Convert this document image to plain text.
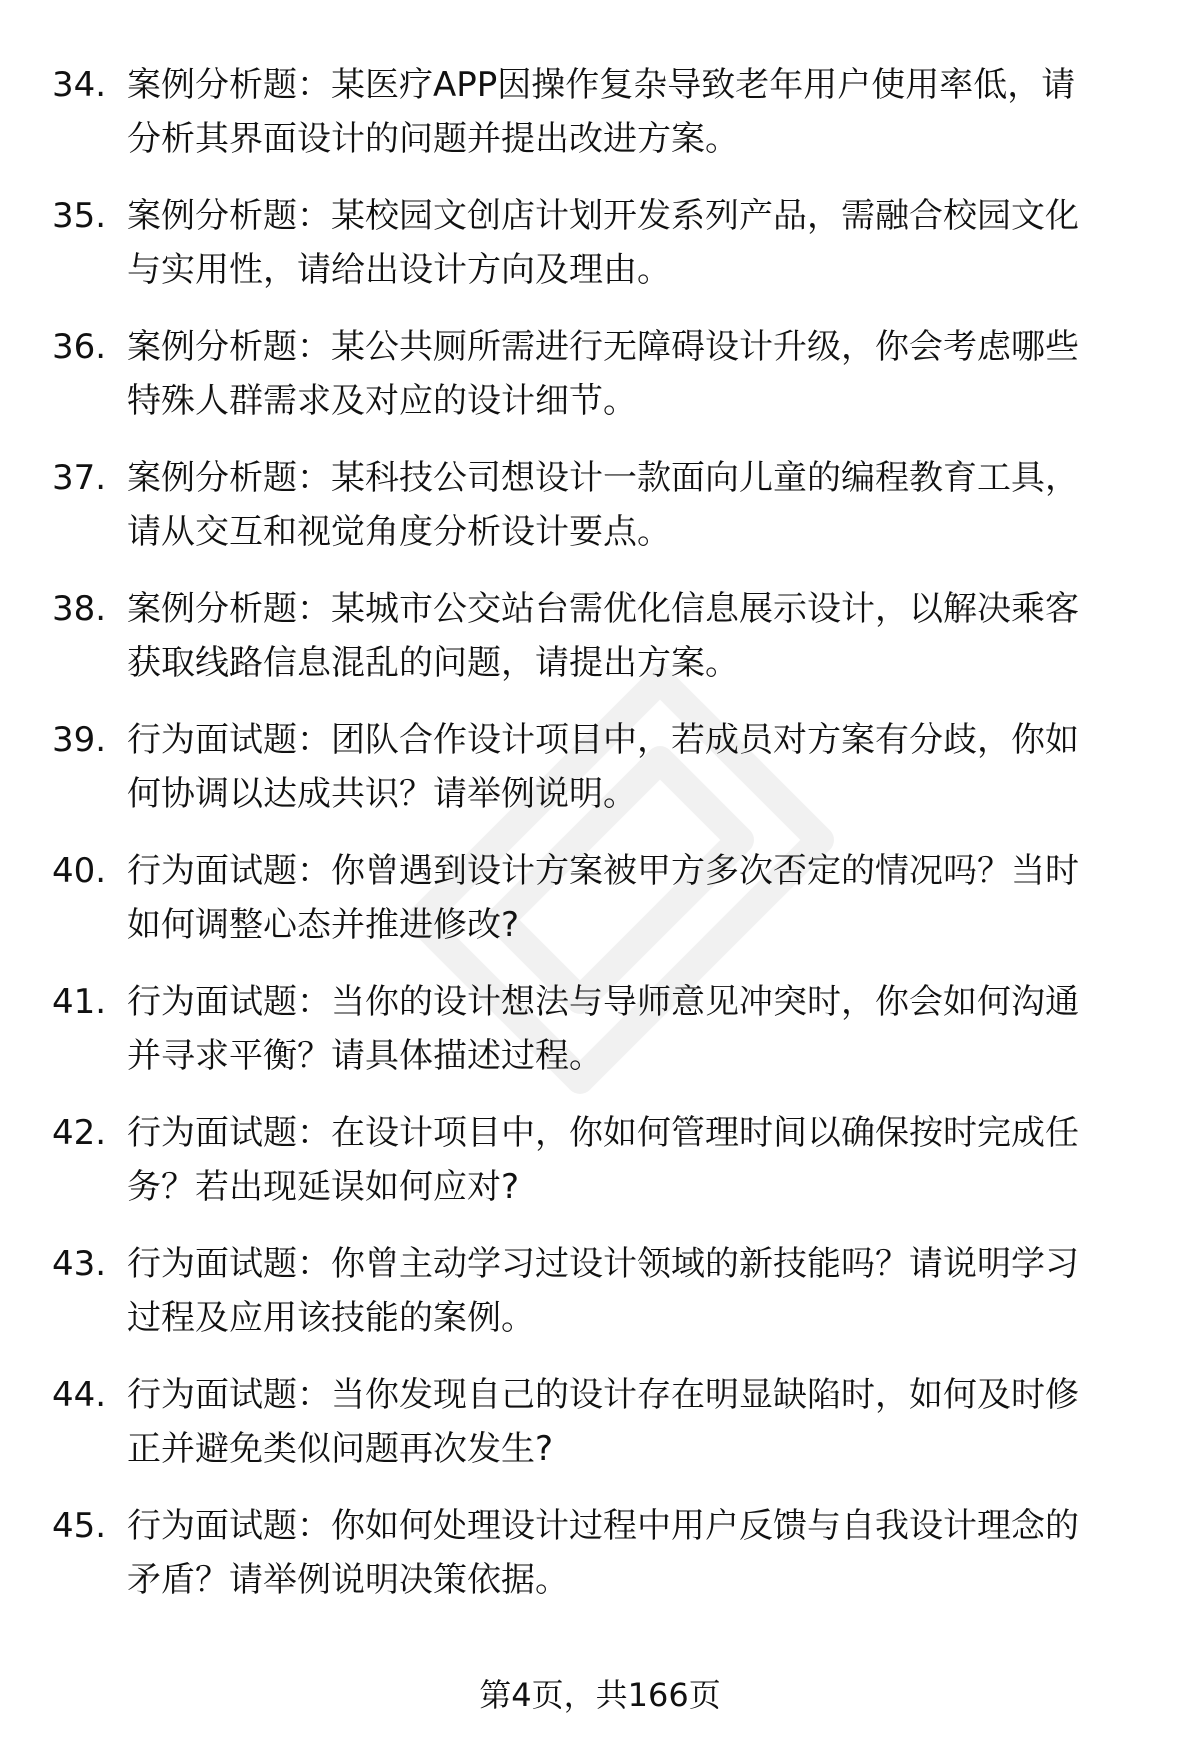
34. 案例分析题：某医疗APP因操作复杂导致老年用户使用率低，请
分析其界面设计的问题并提出改进方案。
35. 案例分析题：某校园文创店计划开发系列产品，需融合校园文化
与实用性，请给出设计方向及理由。
36. 案例分析题：某公共厕所需进行无障碍设计升级，你会考虑哪些
特殊人群需求及对应的设计细节。
37. 案例分析题：某科技公司想设计一款面向儿童的编程教育工具，
请从交互和视觉角度分析设计要点。
38. 案例分析题：某城市公交站台需优化信息展示设计，以解决乘客
获取线路信息混乱的问题，请提出方案。
39. 行为面试题：团队合作设计项目中，若成员对方案有分歧，你如
何协调以达成共识？请举例说明。
40. 行为面试题：你曾遇到设计方案被甲方多次否定的情况吗？当时
如何调整心态并推进修改?
41. 行为面试题：当你的设计想法与导师意见冲突时，你会如何沟通
并寻求平衡？请具体描述过程。
42. 行为面试题：在设计项目中，你如何管理时间以确保按时完成任
务？若出现延误如何应对?
43. 行为面试题：你曾主动学习过设计领域的新技能吗？请说明学习
过程及应用该技能的案例。
44. 行为面试题：当你发现自己的设计存在明显缺陷时，如何及时修
正并避免类似问题再次发生?
45. 行为面试题：你如何处理设计过程中用户反馈与自我设计理念的
矛盾？请举例说明决策依据。
第4页，共166页
